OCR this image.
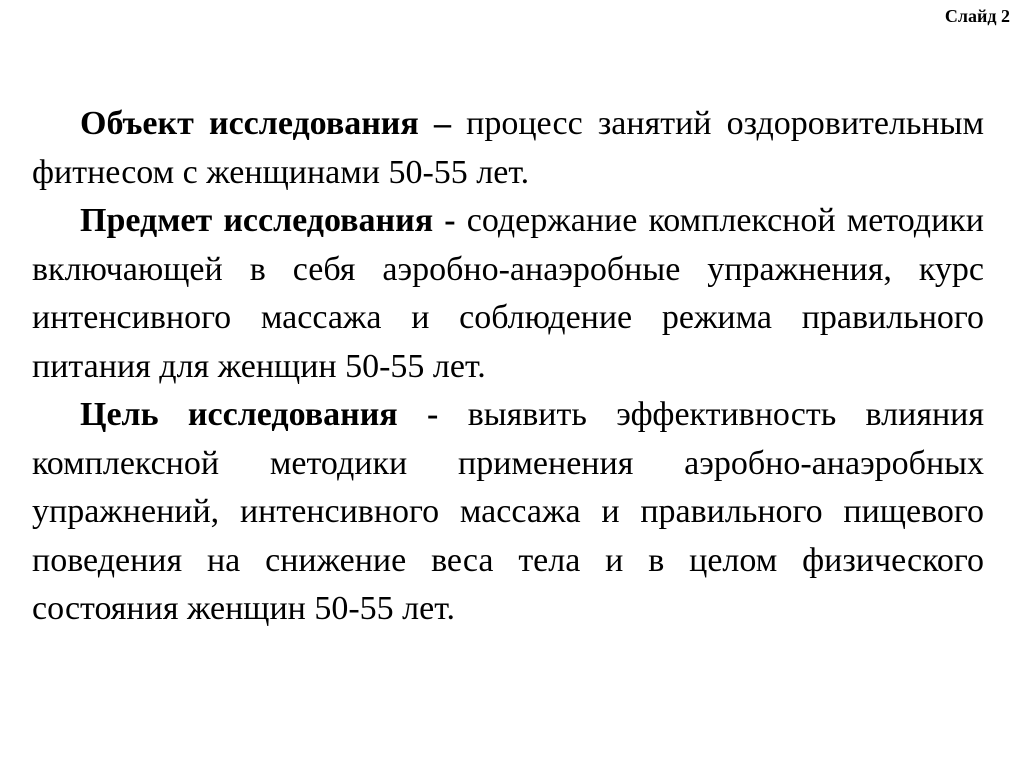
Слайд 2

Объект исследования – процесс занятий оздоровительным фитнесом с женщинами 50-55 лет.

Предмет исследования - содержание комплексной методики включающей в себя аэробно-анаэробные упражнения, курс интенсивного массажа и соблюдение режима правильного питания для женщин 50-55 лет.

Цель исследования - выявить эффективность влияния комплексной методики применения аэробно-анаэробных упражнений, интенсивного массажа и правильного пищевого поведения на снижение веса тела и в целом физического состояния женщин 50-55 лет.
